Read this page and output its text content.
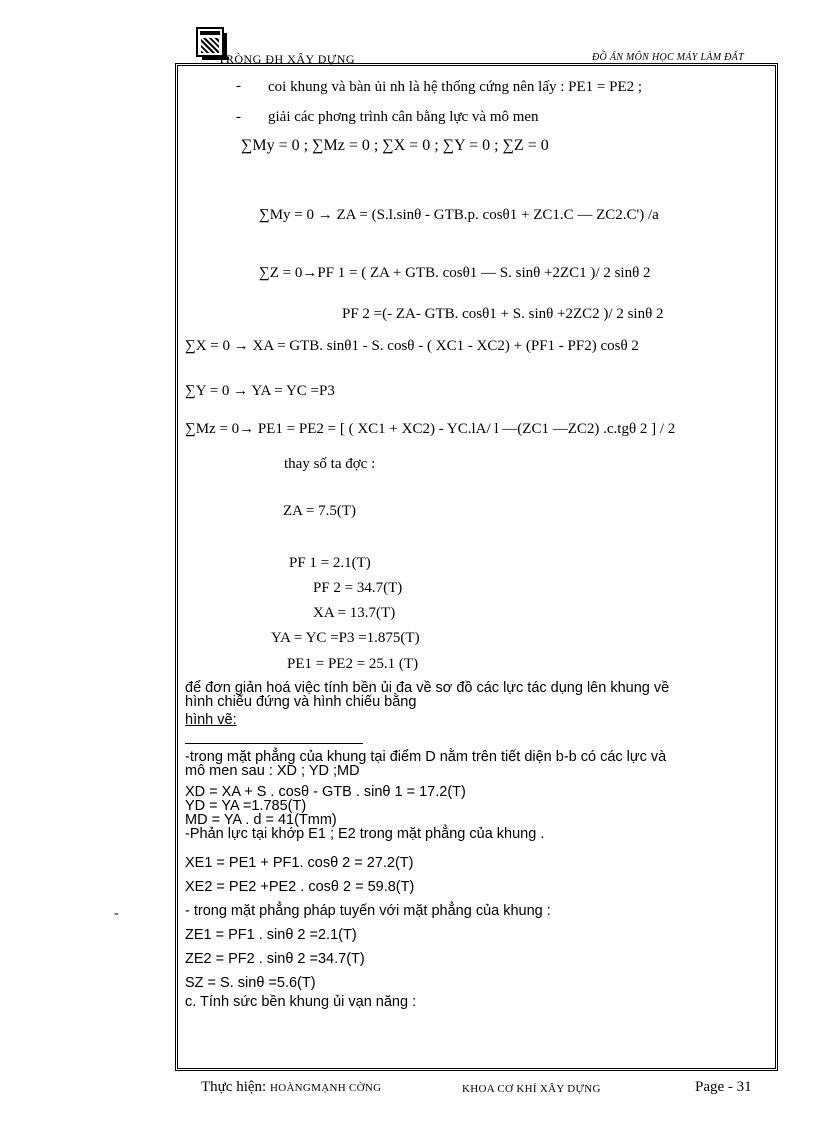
TRÒNG ĐH XÂY DỰNG	ĐỒ ÁN MÔN HỌC MÁY LÀM ĐẤT
-
-
coi khung và bàn ủi nh là hệ thống cứng nên lấy : PE1 = PE2 ;
giải các phơng trình cân bằng lực và mô men
∑My = 0 ; ∑Mz = 0 ; ∑X = 0 ; ∑Y = 0 ; ∑Z = 0
∑My = 0 → ZA = (S.l.sinθ - GTB.p. cosθ1 + ZC1.C — ZC2.C') /a
∑Z = 0→PF 1 = ( ZA + GTB. cosθ1 — S. sinθ +2ZC1 )/ 2 sinθ 2
PF 2 =(- ZA- GTB. cosθ1 + S. sinθ +2ZC2 )/ 2 sinθ 2
∑X = 0 → XA = GTB. sinθ1 - S. cosθ - ( XC1 - XC2) + (PF1 - PF2) cosθ 2
∑Y = 0 → YA = YC =P3
∑Mz = 0→ PE1 = PE2 = [ ( XC1 + XC2) - YC.lA/ l —(ZC1 —ZC2) .c.tgθ 2 ] / 2
thay số ta đợc :
ZA = 7.5(T)
PF 1 = 2.1(T)
PF 2 = 34.7(T)
XA = 13.7(T)
YA = YC =P3 =1.875(T)
PE1 = PE2 = 25.1 (T)
để đơn giản hoá việc tính bền ủi đa về sơ đồ các lực tác dụng lên khung về
hình chiếu đứng và hình chiếu bằng
hình vẽ:
-trong mặt phẳng của khung tại điểm D nằm trên tiết diện b-b có các lực và
mô men sau : XD ; YD ;MD
XD = XA + S . cosθ - GTB . sinθ 1 = 17.2(T)
YD = YA =1.785(T)
MD = YA . d = 41(Tmm)
-Phản lực tại khớp E1 ; E2 trong mặt phẳng của khung .
XE1 = PE1 + PF1. cosθ 2 = 27.2(T)
XE2 = PE2 +PE2 . cosθ 2 = 59.8(T)
- trong mặt phẳng pháp tuyến với mặt phẳng của khung :
ZE1 = PF1 . sinθ 2 =2.1(T)
ZE2 = PF2 . sinθ 2 =34.7(T)
SZ = S. sinθ =5.6(T)
c. Tính sức bền khung ủi vạn năng :
-
Thực hiện: HOÀNGMẠNH CỜNG	KHOA CƠ KHÍ XÂY DỰNG	Page - 31
